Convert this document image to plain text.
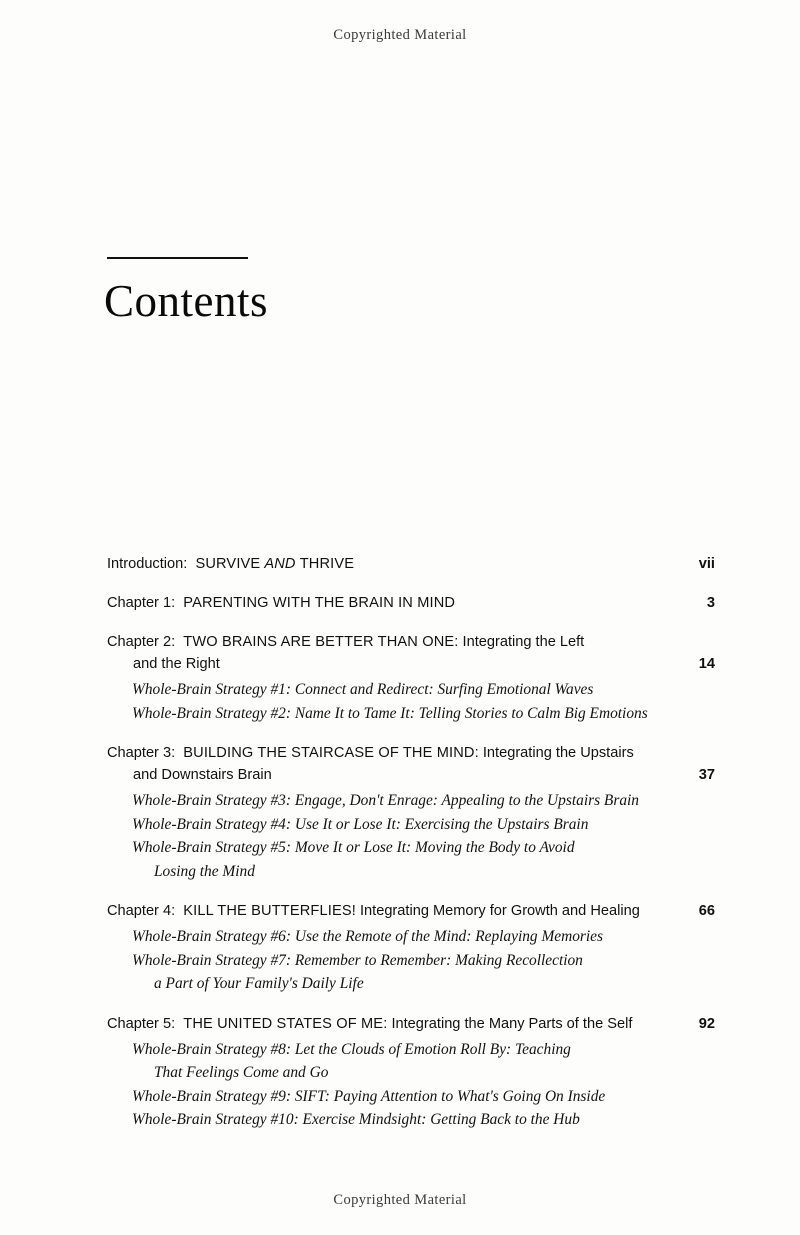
Copyrighted Material
Contents
Introduction: SURVIVE AND THRIVE	vii
Chapter 1: PARENTING WITH THE BRAIN IN MIND	3
Chapter 2: TWO BRAINS ARE BETTER THAN ONE: Integrating the Left
and the Right	14
Whole-Brain Strategy #1: Connect and Redirect: Surfing Emotional Waves
Whole-Brain Strategy #2: Name It to Tame It: Telling Stories to Calm Big Emotions
Chapter 3: BUILDING THE STAIRCASE OF THE MIND: Integrating the Upstairs
and Downstairs Brain	37
Whole-Brain Strategy #3: Engage, Don't Enrage: Appealing to the Upstairs Brain
Whole-Brain Strategy #4: Use It or Lose It: Exercising the Upstairs Brain
Whole-Brain Strategy #5: Move It or Lose It: Moving the Body to Avoid
Losing the Mind
Chapter 4: KILL THE BUTTERFLIES! Integrating Memory for Growth and Healing	66
Whole-Brain Strategy #6: Use the Remote of the Mind: Replaying Memories
Whole-Brain Strategy #7: Remember to Remember: Making Recollection
a Part of Your Family's Daily Life
Chapter 5: THE UNITED STATES OF ME: Integrating the Many Parts of the Self	92
Whole-Brain Strategy #8: Let the Clouds of Emotion Roll By: Teaching
That Feelings Come and Go
Whole-Brain Strategy #9: SIFT: Paying Attention to What's Going On Inside
Whole-Brain Strategy #10: Exercise Mindsight: Getting Back to the Hub
Copyrighted Material
